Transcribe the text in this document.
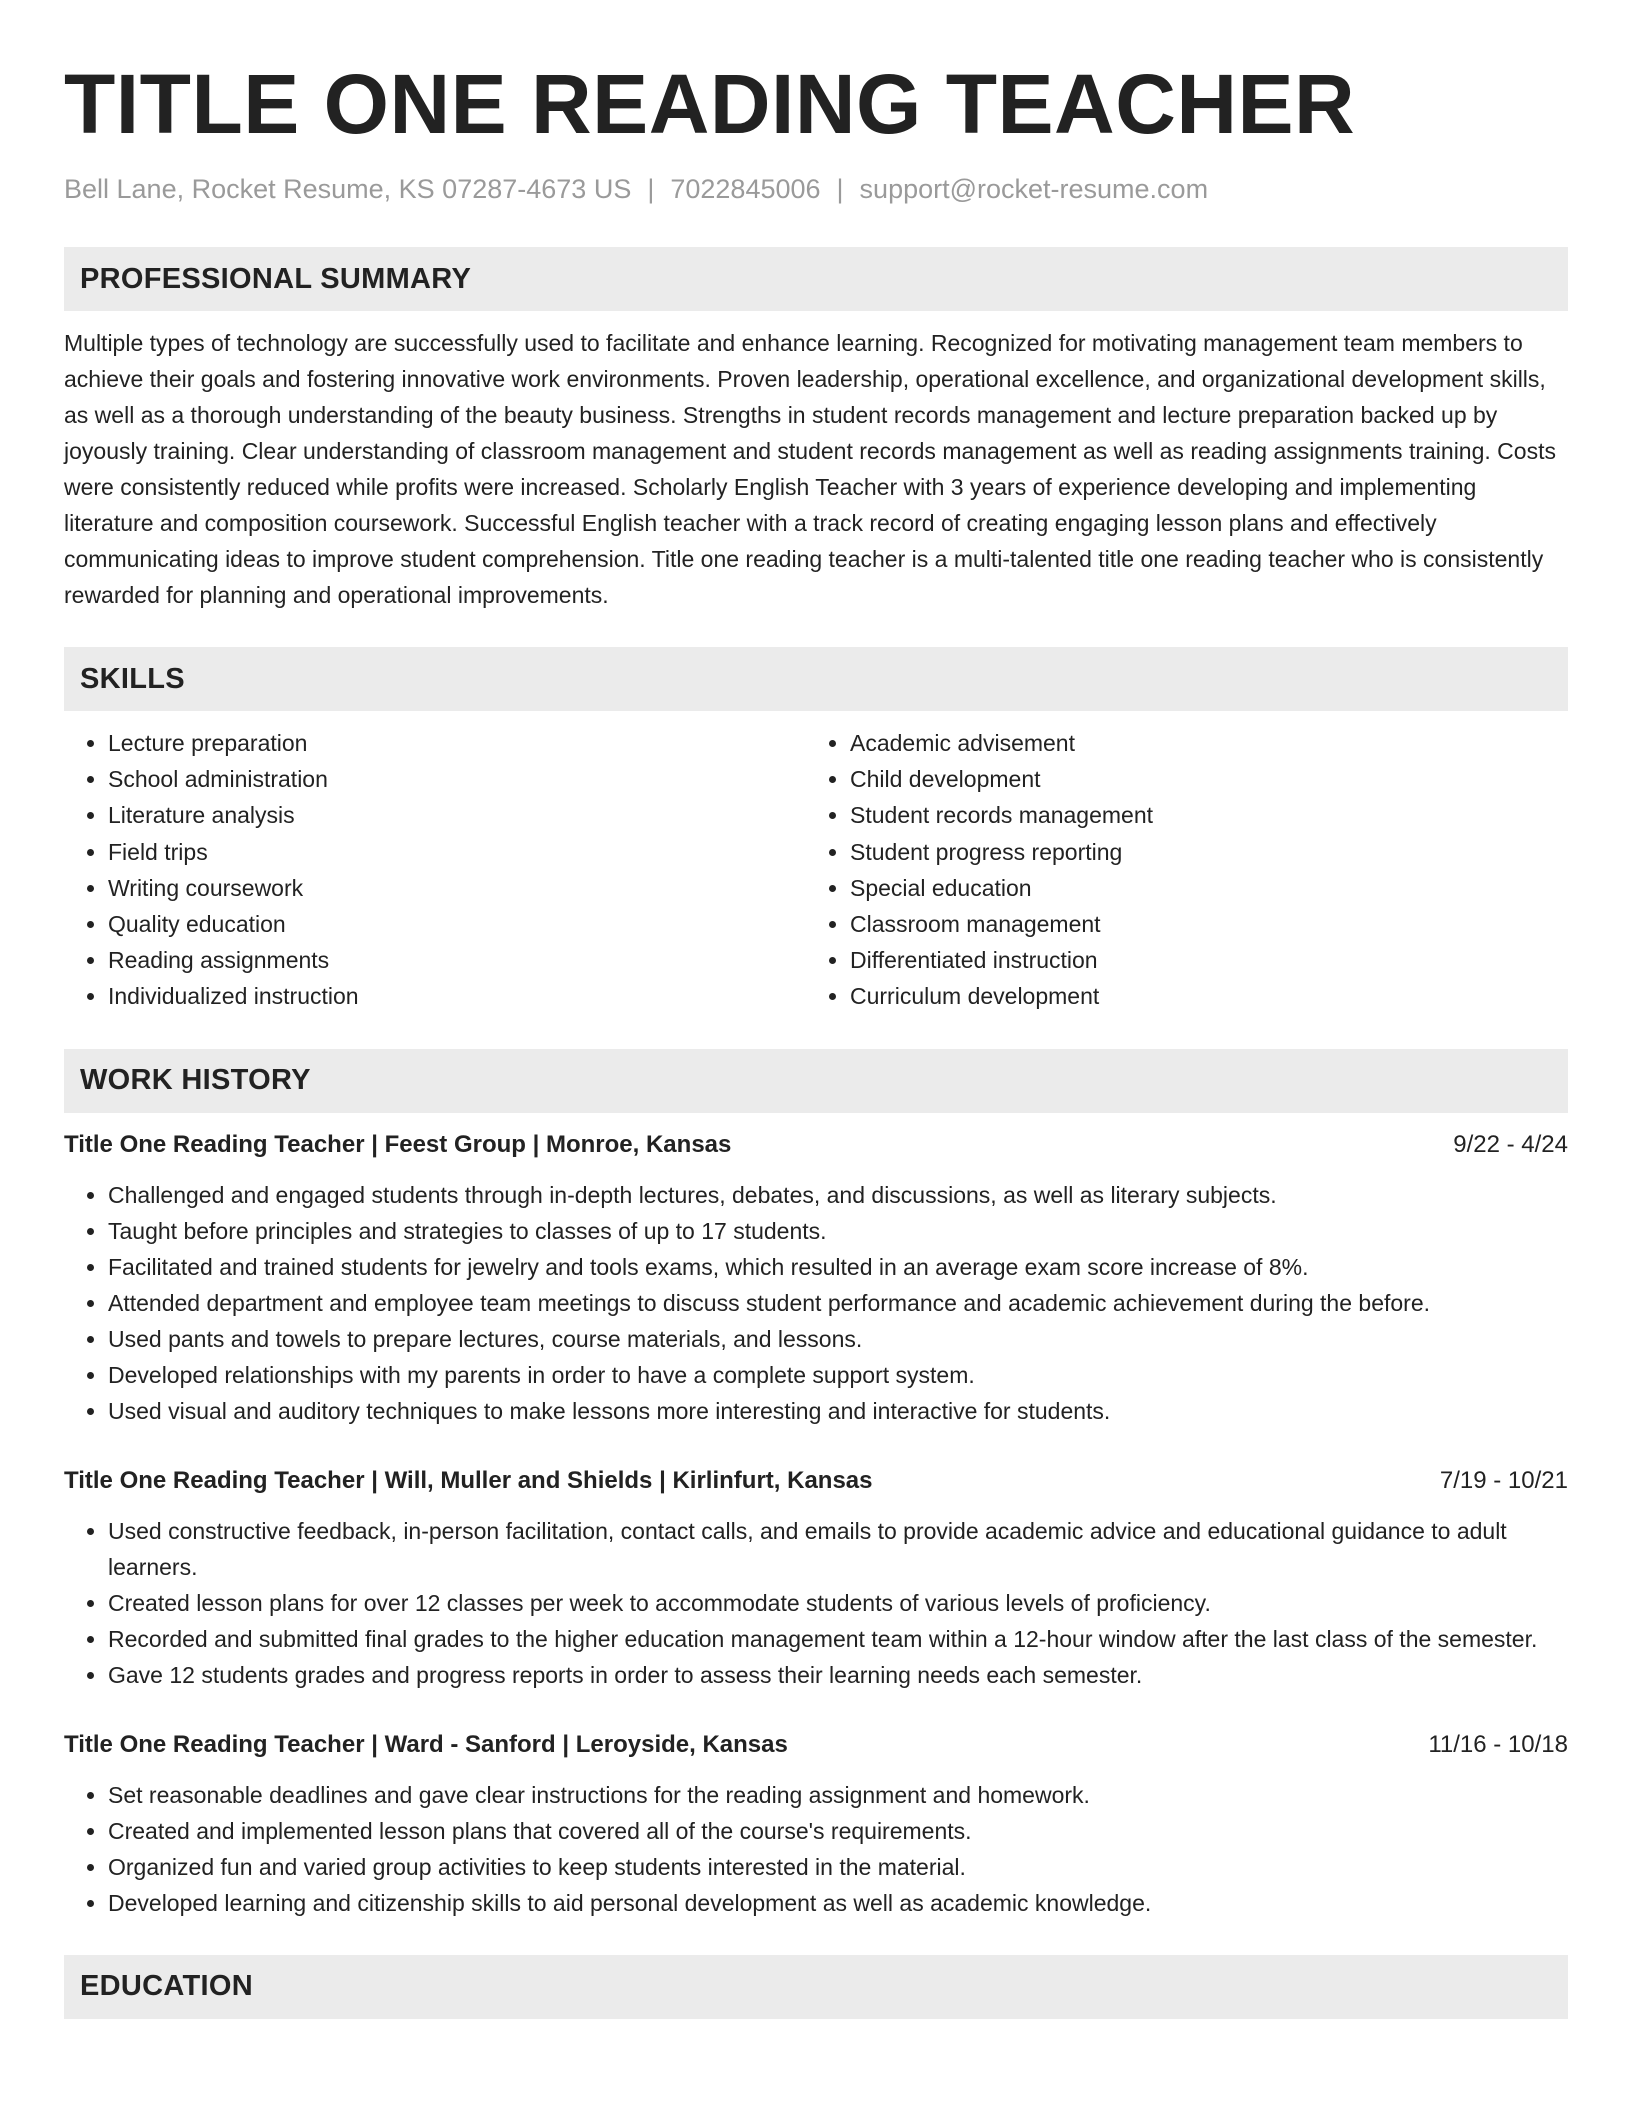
TITLE ONE READING TEACHER
Bell Lane, Rocket Resume, KS 07287-4673 US | 7022845006 | support@rocket-resume.com
PROFESSIONAL SUMMARY
Multiple types of technology are successfully used to facilitate and enhance learning. Recognized for motivating management team members to achieve their goals and fostering innovative work environments. Proven leadership, operational excellence, and organizational development skills, as well as a thorough understanding of the beauty business. Strengths in student records management and lecture preparation backed up by joyously training. Clear understanding of classroom management and student records management as well as reading assignments training. Costs were consistently reduced while profits were increased. Scholarly English Teacher with 3 years of experience developing and implementing literature and composition coursework. Successful English teacher with a track record of creating engaging lesson plans and effectively communicating ideas to improve student comprehension. Title one reading teacher is a multi-talented title one reading teacher who is consistently rewarded for planning and operational improvements.
SKILLS
• Lecture preparation
• School administration
• Literature analysis
• Field trips
• Writing coursework
• Quality education
• Reading assignments
• Individualized instruction
• Academic advisement
• Child development
• Student records management
• Student progress reporting
• Special education
• Classroom management
• Differentiated instruction
• Curriculum development
WORK HISTORY
Title One Reading Teacher | Feest Group | Monroe, Kansas	9/22 - 4/24
• Challenged and engaged students through in-depth lectures, debates, and discussions, as well as literary subjects.
• Taught before principles and strategies to classes of up to 17 students.
• Facilitated and trained students for jewelry and tools exams, which resulted in an average exam score increase of 8%.
• Attended department and employee team meetings to discuss student performance and academic achievement during the before.
• Used pants and towels to prepare lectures, course materials, and lessons.
• Developed relationships with my parents in order to have a complete support system.
• Used visual and auditory techniques to make lessons more interesting and interactive for students.
Title One Reading Teacher | Will, Muller and Shields | Kirlinfurt, Kansas	7/19 - 10/21
• Used constructive feedback, in-person facilitation, contact calls, and emails to provide academic advice and educational guidance to adult learners.
• Created lesson plans for over 12 classes per week to accommodate students of various levels of proficiency.
• Recorded and submitted final grades to the higher education management team within a 12-hour window after the last class of the semester.
• Gave 12 students grades and progress reports in order to assess their learning needs each semester.
Title One Reading Teacher | Ward - Sanford | Leroyside, Kansas	11/16 - 10/18
• Set reasonable deadlines and gave clear instructions for the reading assignment and homework.
• Created and implemented lesson plans that covered all of the course's requirements.
• Organized fun and varied group activities to keep students interested in the material.
• Developed learning and citizenship skills to aid personal development as well as academic knowledge.
EDUCATION
